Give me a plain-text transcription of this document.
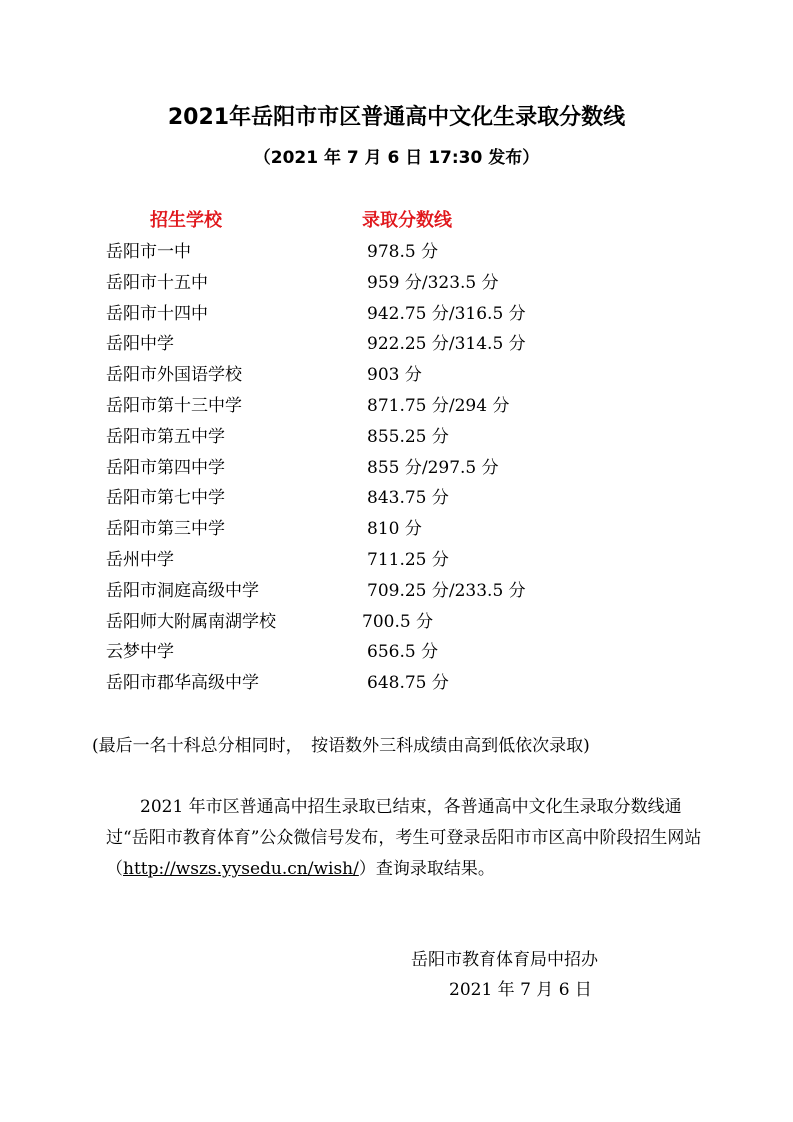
2021年岳阳市市区普通高中文化生录取分数线
（2021 年 7 月 6 日 17:30 发布）
招生学校	录取分数线
岳阳市一中	978.5 分
岳阳市十五中	959 分/323.5 分
岳阳市十四中	942.75 分/316.5 分
岳阳中学	922.25 分/314.5 分
岳阳市外国语学校	903 分
岳阳市第十三中学	871.75 分/294 分
岳阳市第五中学	855.25 分
岳阳市第四中学	855 分/297.5 分
岳阳市第七中学	843.75 分
岳阳市第三中学	810 分
岳州中学	711.25 分
岳阳市洞庭高级中学	709.25 分/233.5 分
岳阳师大附属南湖学校	700.5 分
云梦中学	656.5 分
岳阳市郡华高级中学	648.75 分
(最后一名十科总分相同时，　按语数外三科成绩由高到低依次录取)
2021 年市区普通高中招生录取已结束，各普通高中文化生录取分数线通过“岳阳市教育体育”公众微信号发布，考生可登录岳阳市市区高中阶段招生网站（http://wszs.yysedu.cn/wish/）查询录取结果。
岳阳市教育体育局中招办
2021 年 7 月 6 日
